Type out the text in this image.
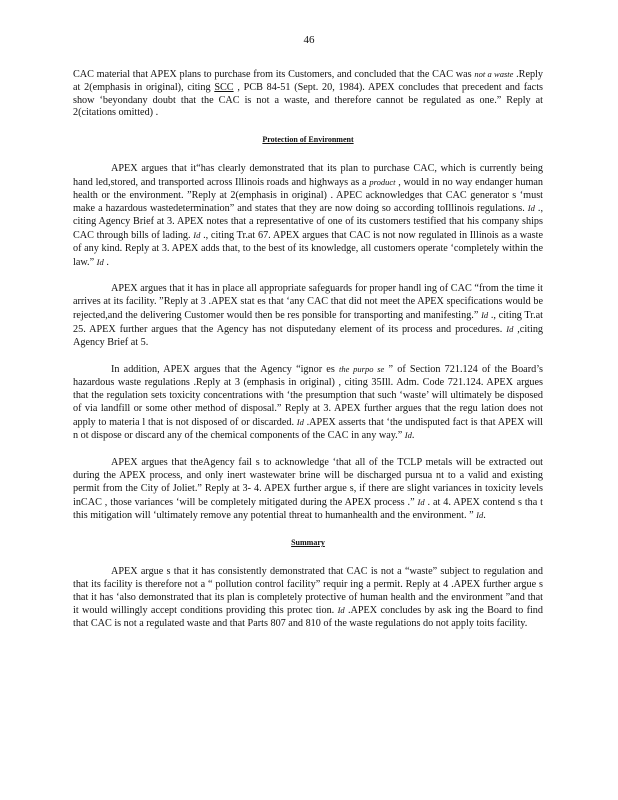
46

CAC material that APEX plans to purchase from its Customers, and concluded that the CAC was not a waste .Reply at 2(emphasis in original), citing SCC , PCB 84-51 (Sept. 20, 1984). APEX concludes that precedent and facts show ‘beyondany doubt that the CAC is not a waste, and therefore cannot be regulated as one.” Reply at 2(citations omitted) .

Protection of Environment

APEX argues that it“has clearly demonstrated that its plan to purchase CAC, which is currently being hand led,stored, and transported across Illinois roads and highways as a product , would in no way endanger human health or the environment. ”Reply at 2(emphasis in original) . APEC acknowledges that CAC generator s ‘must make a hazardous wastedetermination” and states that they are now doing so according toIllinois regulations. Id ., citing Agency Brief at 3. APEX notes that a representative of one of its customers testified that his company ships CAC through bills of lading. Id ., citing Tr.at 67. APEX argues that CAC is not now regulated in Illinois as a waste of any kind. Reply at 3. APEX adds that, to the best of its knowledge, all customers operate ‘completely within the law.” Id .

APEX argues that it has in place all appropriate safeguards for proper handl ing of CAC “from the time it arrives at its facility. ”Reply at 3 .APEX stat es that ‘any CAC that did not meet the APEX specifications would be rejected,and the delivering Customer would then be res ponsible for transporting and manifesting.” Id ., citing Tr.at 25. APEX further argues that the Agency has not disputedany element of its process and procedures. Id ,citing Agency Brief at 5.

In addition, APEX argues that the Agency “ignor es the purpo se ” of Section 721.124 of the Board’s hazardous waste regulations .Reply at 3 (emphasis in original) , citing 35Ill. Adm. Code 721.124. APEX argues that the regulation sets toxicity concentrations with ‘the presumption that such ‘waste’ will ultimately be disposed of via landfill or some other method of disposal.” Reply at 3. APEX further argues that the regu lation does not apply to materia l that is not disposed of or discarded. Id .APEX asserts that ‘the undisputed fact is that APEX will n ot dispose or discard any of the chemical components of the CAC in any way.” Id.

APEX argues that theAgency fail s to acknowledge ‘that all of the TCLP metals will be extracted out during the APEX process, and only inert wastewater brine will be discharged pursua nt to a valid and existing permit from the City of Joliet.” Reply at 3- 4. APEX further argue s, if there are slight variances in toxicity levels inCAC , those variances ‘will be completely mitigated during the APEX process .” Id . at 4. APEX contend s tha t this mitigation will ‘ultimately remove any potential threat to humanhealth and the environment. ” Id.

Summary

APEX argue s that it has consistently demonstrated that CAC is not a “waste” subject to regulation and that its facility is therefore not a “ pollution control facility” requir ing a permit. Reply at 4 .APEX further argue s that it has ‘also demonstrated that its plan is completely protective of human health and the environment ”and that it would willingly accept conditions providing this protec tion. Id .APEX concludes by ask ing the Board to find that CAC is not a regulated waste and that Parts 807 and 810 of the waste regulations do not apply toits facility.
